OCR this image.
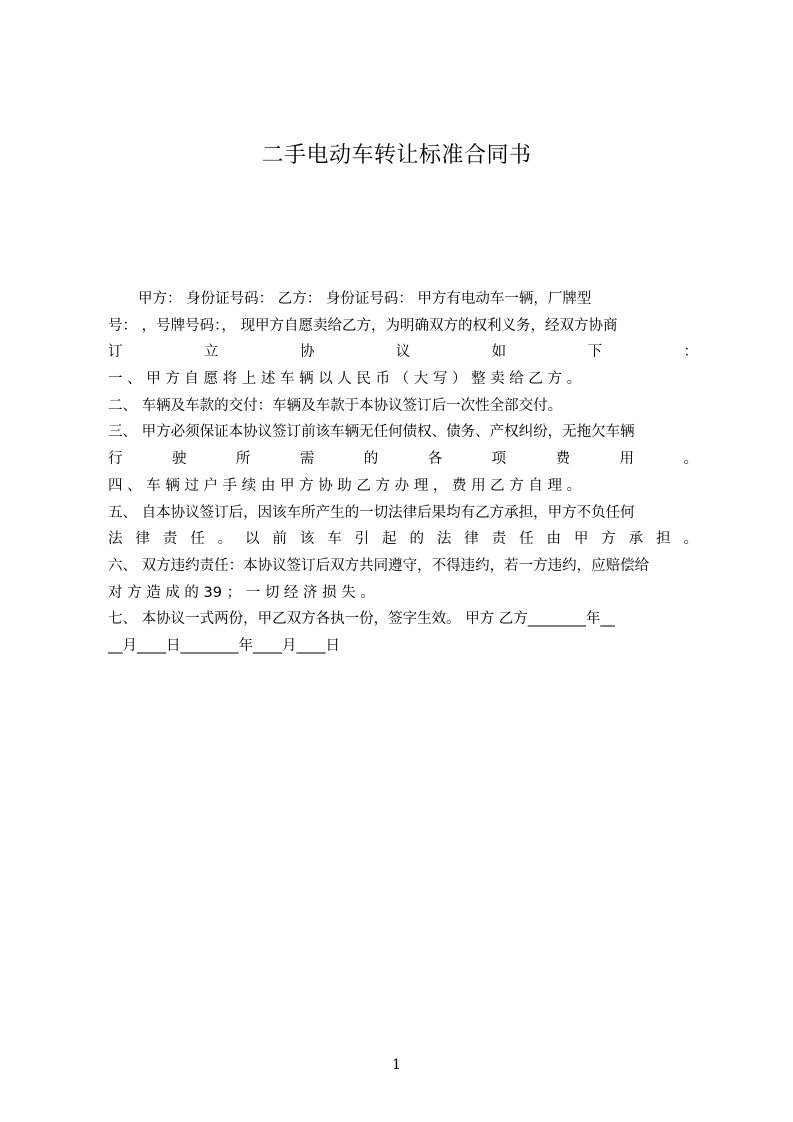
二手电动车转让标准合同书
甲方： 身份证号码： 乙方： 身份证号码： 甲方有电动车一辆，厂牌型
号： ，号牌号码：， 现甲方自愿卖给乙方，为明确双方的权利义务，经双方协商
订 立 协 议 如 下 ：
一 、 甲 方 自 愿 将 上 述 车 辆 以 人 民 币 （ 大 写 ） 整 卖 给 乙 方 。
二、 车辆及车款的交付：车辆及车款于本协议签订后一次性全部交付。
三、 甲方必须保证本协议签订前该车辆无任何债权、债务、产权纠纷，无拖欠车辆
行 驶 所 需 的 各 项 费 用 。
四 、 车 辆 过 户 手 续 由 甲 方 协 助 乙 方 办 理 ， 费 用 乙 方 自 理 。
五、 自本协议签订后，因该车所产生的一切法律后果均有乙方承担，甲方不负任何
法 律 责 任 。 以 前 该 车 引 起 的 法 律 责 任 由 甲 方 承 担 。
六、 双方违约责任：本协议签订后双方共同遵守，不得违约，若一方违约，应赔偿给
对 方 造 成 的 39 ； 一 切 经 济 损 失 。
七、 本协议一式两份，甲乙双方各执一份，签字生效。 甲方 乙方________年__
__月____日________年____月____日
1
